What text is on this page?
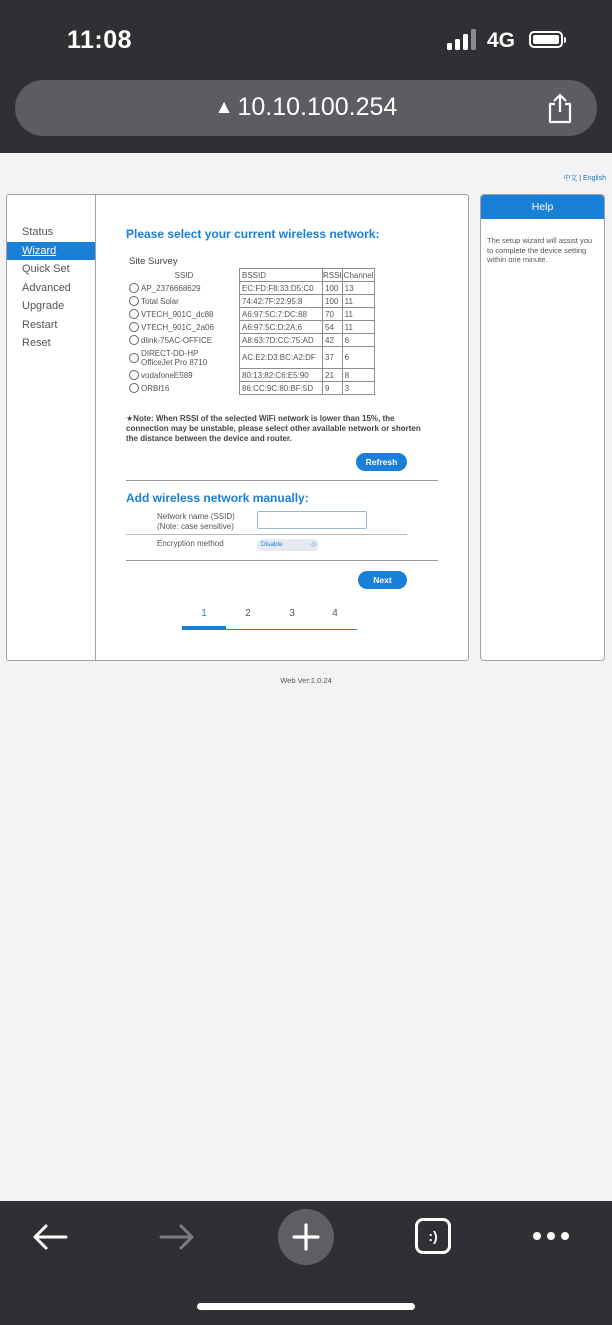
11:08	4G
▲ 10.10.100.254
中文 | English
Status
Wizard
Quick Set
Advanced
Upgrade
Restart
Reset
Please select your current wireless network:
Site Survey
SSID	BSSID	RSSI	Channel
AP_2376668629	EC:FD:F8:33:D5:C0	100	13
Total Solar	74:42:7F:22:95:8	100	11
VTECH_901C_dc88	A6:97:5C:7:DC:88	70	11
VTECH_901C_2a06	A6:97:5C:D:2A:6	54	11
dlink-75AC-OFFICE	A8:63:7D:CC:75:AD	42	6
DIRECT-DD-HP
OfficeJet Pro 8710	AC:E2:D3:BC:A2:DF	37	6
vodafoneE589	80:13:82:C6:E5:90	21	8
ORBI16	86:CC:9C:80:BF:5D	9	3
★Note: When RSSI of the selected WiFi network is lower than 15%, the connection may be unstable, please select other available network or shorten the distance between the device and router.
Refresh
Add wireless network manually:
Network name (SSID)
(Note: case sensitive)
Encryption method	Disable	⬦
Next
1	2	3	4
Help
The setup wizard will assist you to complete the device setting within one minute.
Web Ver:1.0.24
:)
